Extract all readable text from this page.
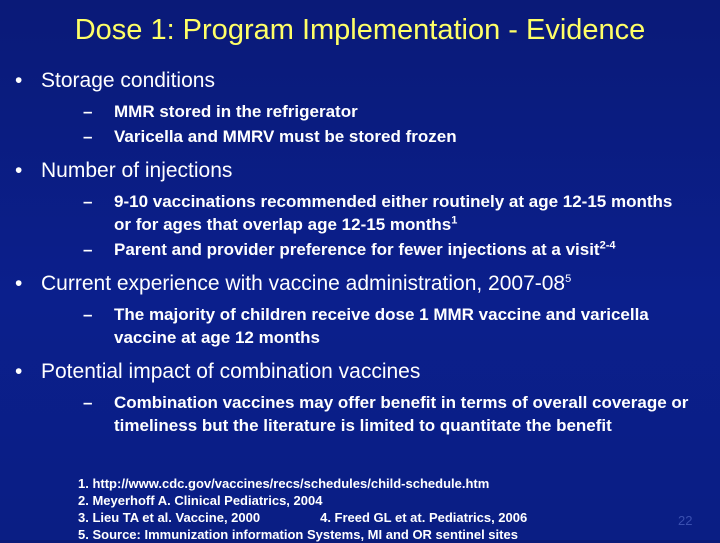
Dose 1: Program Implementation - Evidence
• Storage conditions
– MMR stored in the refrigerator
– Varicella and MMRV must be stored frozen
• Number of injections
– 9-10 vaccinations recommended either routinely at age 12-15 months or for ages that overlap age 12-15 months$^1$
– Parent and provider preference for fewer injections at a visit$^{2-4}$
• Current experience with vaccine administration, $2007-08^5$
– The majority of children receive dose 1 MMR vaccine and varicella vaccine at age 12 months
• Potential impact of combination vaccines
– Combination vaccines may offer benefit in terms of overall coverage or timeliness but the literature is limited to quantitate the benefit
1. http://www.cdc.gov/vaccines/recs/schedules/child-schedule.htm
2. Meyerhoff A. Clinical Pediatrics, 2004
3. Lieu TA et al. Vaccine, 2000	4. Freed GL et at. Pediatrics, 2006
5. Source: Immunization information Systems, MI and OR sentinel sites
22
